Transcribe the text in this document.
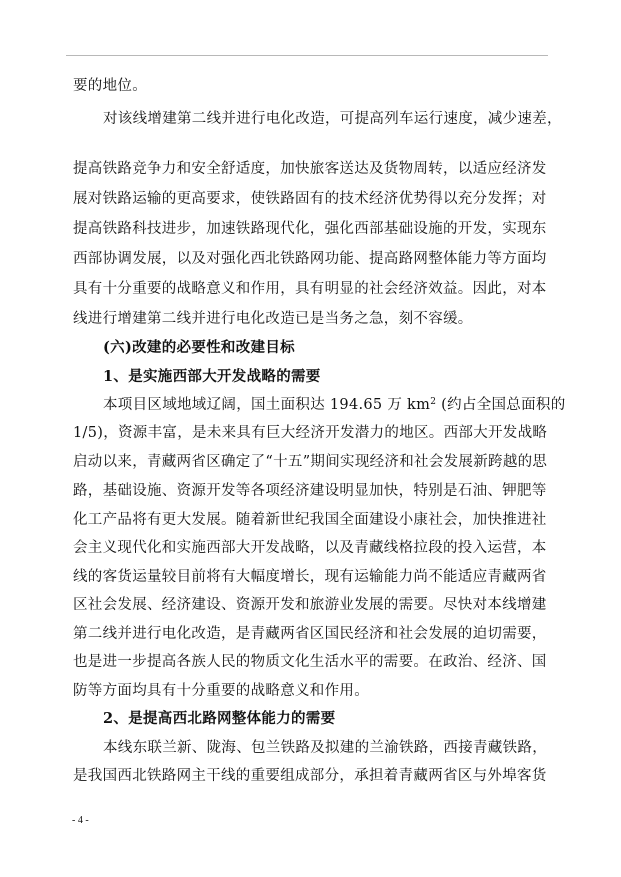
要的地位。
对该线增建第二线并进行电化改造，可提高列车运行速度，减少速差，
提高铁路竞争力和安全舒适度，加快旅客送达及货物周转，以适应经济发
展对铁路运输的更高要求，使铁路固有的技术经济优势得以充分发挥；对
提高铁路科技进步，加速铁路现代化，强化西部基础设施的开发，实现东
西部协调发展，以及对强化西北铁路网功能、提高路网整体能力等方面均
具有十分重要的战略意义和作用，具有明显的社会经济效益。因此，对本
线进行增建第二线并进行电化改造已是当务之急，刻不容缓。
(六)改建的必要性和改建目标
1、是实施西部大开发战略的需要
本项目区域地域辽阔，国土面积达 194.65 万 $km^2$ (约占全国总面积的
1/5)，资源丰富，是未来具有巨大经济开发潜力的地区。西部大开发战略
启动以来，青藏两省区确定了“十五”期间实现经济和社会发展新跨越的思
路，基础设施、资源开发等各项经济建设明显加快，特别是石油、钾肥等
化工产品将有更大发展。随着新世纪我国全面建设小康社会，加快推进社
会主义现代化和实施西部大开发战略，以及青藏线格拉段的投入运营，本
线的客货运量较目前将有大幅度增长，现有运输能力尚不能适应青藏两省
区社会发展、经济建设、资源开发和旅游业发展的需要。尽快对本线增建
第二线并进行电化改造，是青藏两省区国民经济和社会发展的迫切需要，
也是进一步提高各族人民的物质文化生活水平的需要。在政治、经济、国
防等方面均具有十分重要的战略意义和作用。
2、是提高西北路网整体能力的需要
本线东联兰新、陇海、包兰铁路及拟建的兰渝铁路，西接青藏铁路，
是我国西北铁路网主干线的重要组成部分，承担着青藏两省区与外埠客货
- 4 -
